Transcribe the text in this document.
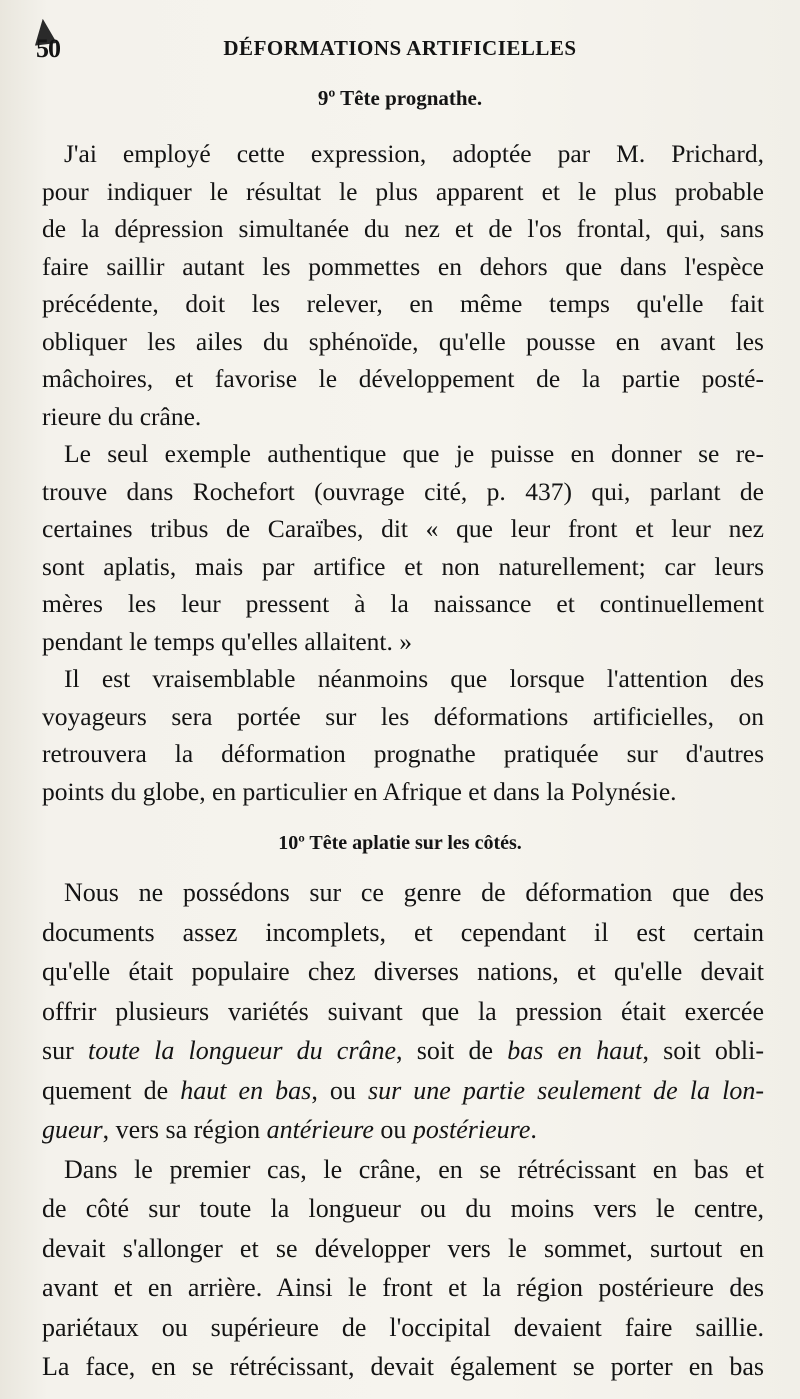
50	DÉFORMATIONS ARTIFICIELLES
9º Tête prognathe.
J'ai employé cette expression, adoptée par M. Prichard,
pour indiquer le résultat le plus apparent et le plus probable
de la dépression simultanée du nez et de l'os frontal, qui, sans
faire saillir autant les pommettes en dehors que dans l'espèce
précédente, doit les relever, en même temps qu'elle fait
obliquer les ailes du sphénoïde, qu'elle pousse en avant les
mâchoires, et favorise le développement de la partie posté-
rieure du crâne.
Le seul exemple authentique que je puisse en donner se re-
trouve dans Rochefort (ouvrage cité, p. 437) qui, parlant de
certaines tribus de Caraïbes, dit « que leur front et leur nez
sont aplatis, mais par artifice et non naturellement; car leurs
mères les leur pressent à la naissance et continuellement
pendant le temps qu'elles allaitent. »
Il est vraisemblable néanmoins que lorsque l'attention des
voyageurs sera portée sur les déformations artificielles, on
retrouvera la déformation prognathe pratiquée sur d'autres
points du globe, en particulier en Afrique et dans la Polynésie.
10º Tête aplatie sur les côtés.
Nous ne possédons sur ce genre de déformation que des
documents assez incomplets, et cependant il est certain
qu'elle était populaire chez diverses nations, et qu'elle devait
offrir plusieurs variétés suivant que la pression était exercée
sur toute la longueur du crâne, soit de bas en haut, soit obli-
quement de haut en bas, ou sur une partie seulement de la lon-
gueur, vers sa région antérieure ou postérieure.
Dans le premier cas, le crâne, en se rétrécissant en bas et
de côté sur toute la longueur ou du moins vers le centre,
devait s'allonger et se développer vers le sommet, surtout en
avant et en arrière. Ainsi le front et la région postérieure des
pariétaux ou supérieure de l'occipital devaient faire saillie.
La face, en se rétrécissant, devait également se porter en bas
